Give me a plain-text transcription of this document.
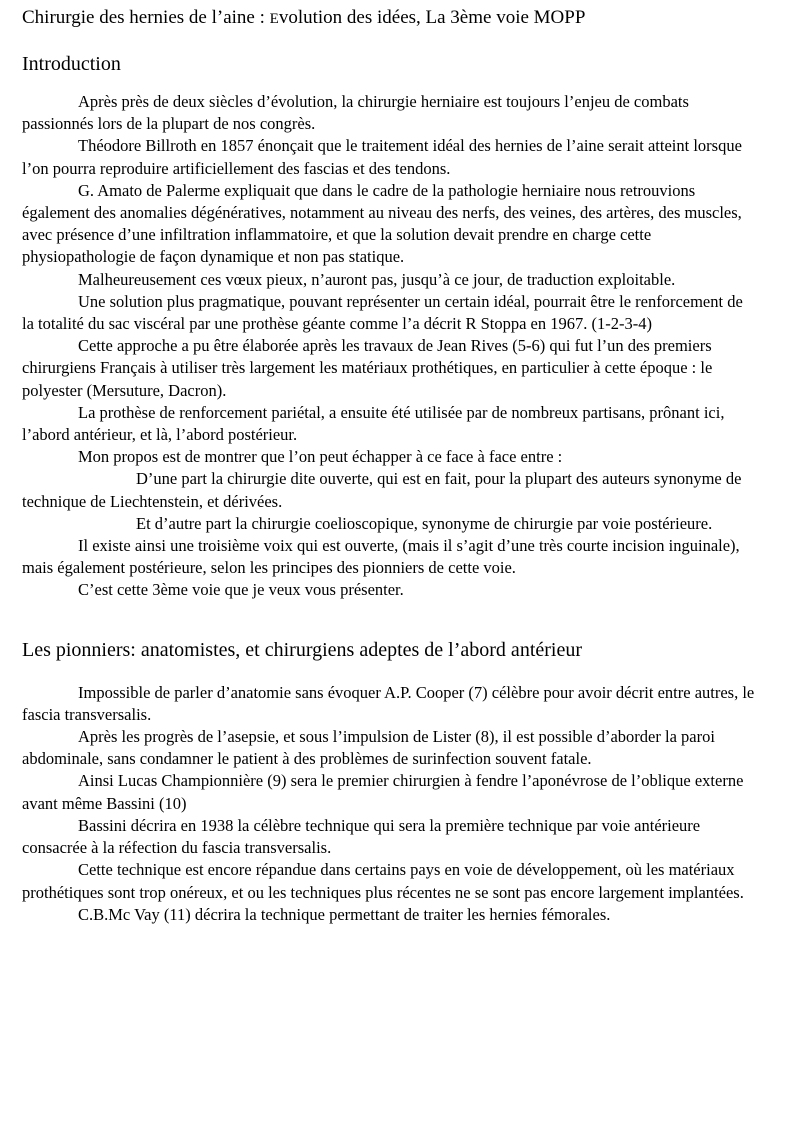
Chirurgie des hernies de l’aine : Evolution des idées, La 3ème voie MOPP
Introduction

Après près de deux siècles d’évolution, la chirurgie herniaire est toujours l’enjeu de combats passionnés lors de la plupart de nos congrès.

Théodore Billroth en 1857 énonçait que le traitement idéal des hernies de l’aine serait atteint lorsque l’on pourra reproduire artificiellement des fascias et des tendons.

G. Amato de Palerme expliquait que dans le cadre de la pathologie herniaire nous retrouvions également des anomalies dégénératives, notamment au niveau des nerfs, des veines, des artères, des muscles, avec présence d’une infiltration inflammatoire, et que la solution devait prendre en charge cette physiopathologie de façon dynamique et non pas statique.

Malheureusement ces vœux pieux, n’auront pas, jusqu’à ce jour, de traduction exploitable.

Une solution plus pragmatique, pouvant représenter un certain idéal, pourrait être le renforcement de la totalité du sac viscéral par une prothèse géante comme l’a décrit R Stoppa en 1967. (1-2-3-4)

Cette approche a pu être élaborée après les travaux de Jean Rives (5-6) qui fut l’un des premiers chirurgiens Français à utiliser très largement les matériaux prothétiques, en particulier à cette époque : le polyester (Mersuture, Dacron).

La prothèse de renforcement pariétal, a ensuite été utilisée par de nombreux partisans, prônant ici, l’abord antérieur, et là, l’abord postérieur.

Mon propos est de montrer que l’on peut échapper à ce face à face entre :

D’une part la chirurgie dite ouverte, qui est en fait, pour la plupart des auteurs synonyme de technique de Liechtenstein, et dérivées.

Et d’autre part la chirurgie coelioscopique, synonyme de chirurgie par voie postérieure.

Il existe ainsi une troisième voix qui est ouverte, (mais il s’agit d’une très courte incision inguinale), mais également postérieure, selon les principes des pionniers de cette voie.

C’est cette 3ème voie que je veux vous présenter.

Les pionniers: anatomistes, et chirurgiens adeptes de l’abord antérieur

Impossible de parler d’anatomie sans évoquer A.P. Cooper (7) célèbre pour avoir décrit entre autres, le fascia transversalis.

Après les progrès de l’asepsie, et sous l’impulsion de Lister (8), il est possible d’aborder la paroi abdominale, sans condamner le patient à des problèmes de surinfection souvent fatale.

Ainsi Lucas Championnière (9) sera le premier chirurgien à fendre l’aponévrose de l’oblique externe avant même Bassini (10)

Bassini décrira en 1938 la célèbre technique qui sera la première technique par voie antérieure consacrée à la réfection du fascia transversalis.

Cette technique est encore répandue dans certains pays en voie de développement, où les matériaux prothétiques sont trop onéreux, et ou les techniques plus récentes ne se sont pas encore largement implantées.

C.B.Mc Vay (11) décrira la technique permettant de traiter les hernies fémorales.
